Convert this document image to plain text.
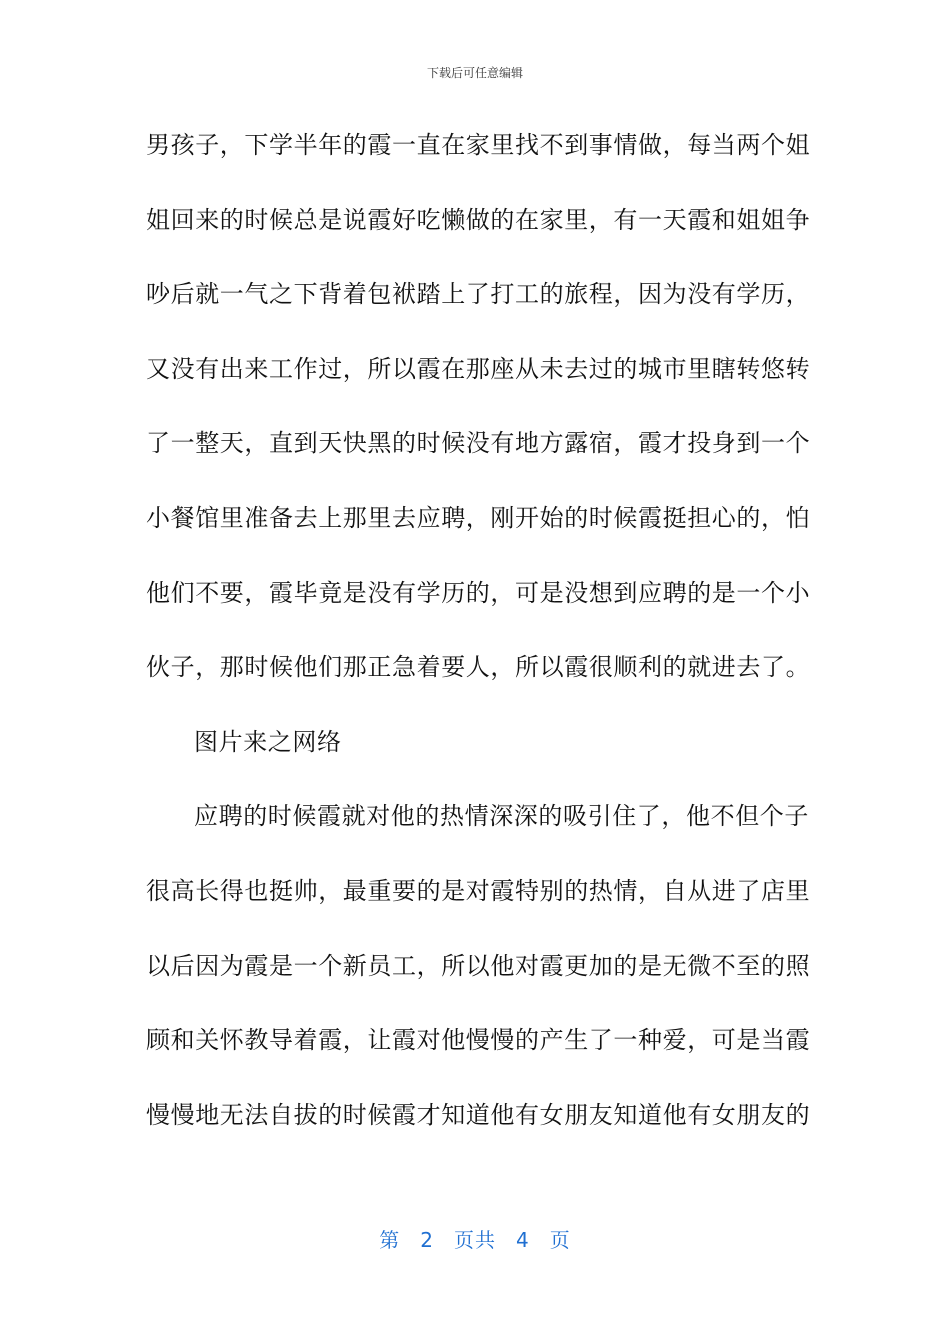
下载后可任意编辑
男孩子，下学半年的霞一直在家里找不到事情做，每当两个姐
姐回来的时候总是说霞好吃懒做的在家里，有一天霞和姐姐争
吵后就一气之下背着包袱踏上了打工的旅程，因为没有学历，
又没有出来工作过，所以霞在那座从未去过的城市里瞎转悠转
了一整天，直到天快黑的时候没有地方露宿，霞才投身到一个
小餐馆里准备去上那里去应聘，刚开始的时候霞挺担心的，怕
他们不要，霞毕竟是没有学历的，可是没想到应聘的是一个小
伙子，那时候他们那正急着要人，所以霞很顺利的就进去了。
图片来之网络
应聘的时候霞就对他的热情深深的吸引住了，他不但个子
很高长得也挺帅，最重要的是对霞特别的热情，自从进了店里
以后因为霞是一个新员工，所以他对霞更加的是无微不至的照
顾和关怀教导着霞，让霞对他慢慢的产生了一种爱，可是当霞
慢慢地无法自拔的时候霞才知道他有女朋友知道他有女朋友的
第 2 页共 4 页
